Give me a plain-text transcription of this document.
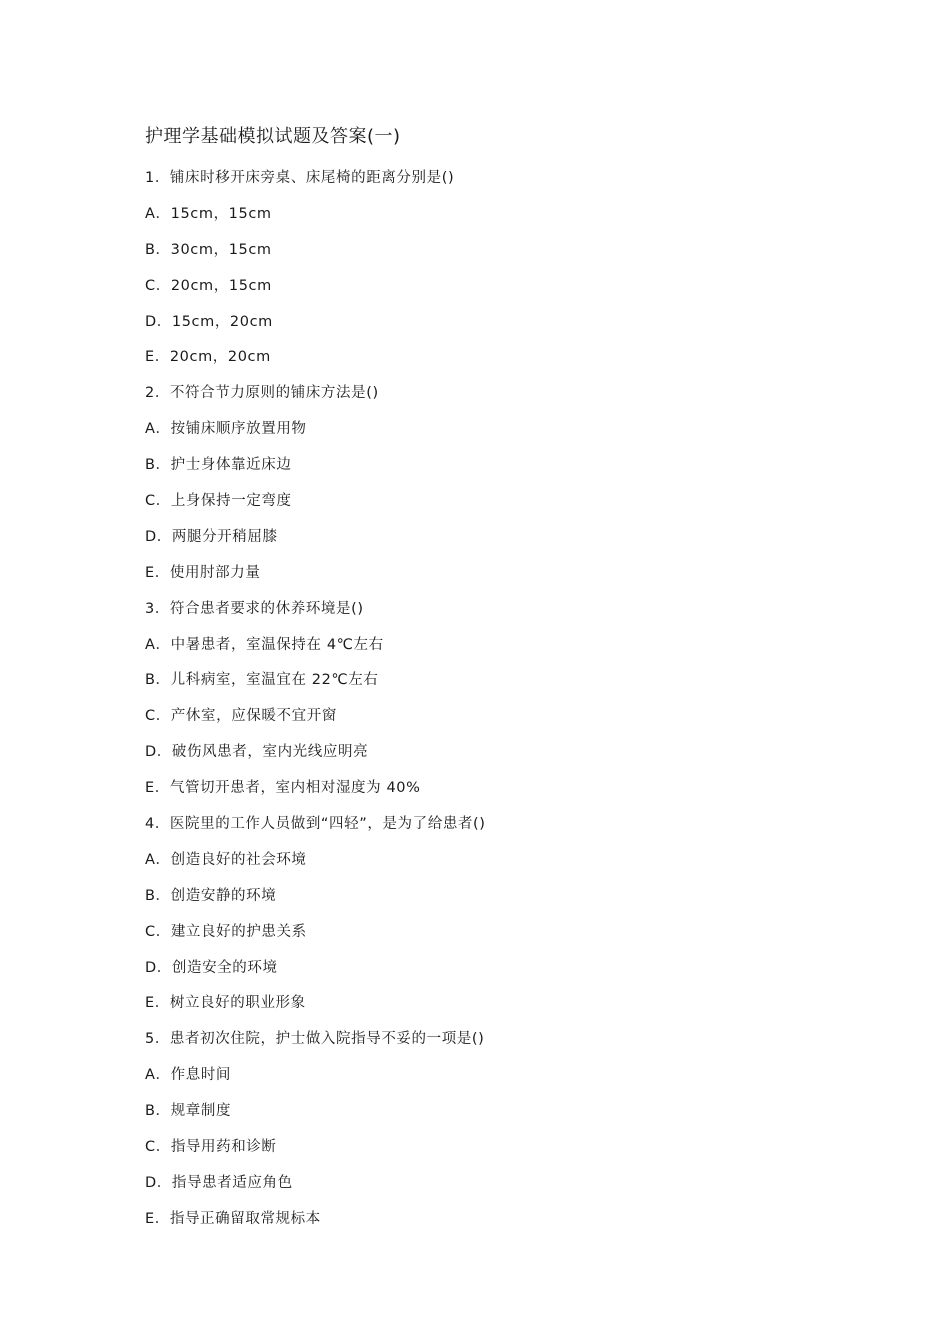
护理学基础模拟试题及答案(一)
1．铺床时移开床旁桌、床尾椅的距离分别是()
A．15cm，15cm
B．30cm，15cm
C．20cm，15cm
D．15cm，20cm
E．20cm，20cm
2．不符合节力原则的铺床方法是()
A．按铺床顺序放置用物
B．护士身体靠近床边
C．上身保持一定弯度
D．两腿分开稍屈膝
E．使用肘部力量
3．符合患者要求的休养环境是()
A．中暑患者，室温保持在 4℃左右
B．儿科病室，室温宜在 22℃左右
C．产休室，应保暖不宜开窗
D．破伤风患者，室内光线应明亮
E．气管切开患者，室内相对湿度为 40%
4．医院里的工作人员做到“四轻”，是为了给患者()
A．创造良好的社会环境
B．创造安静的环境
C．建立良好的护患关系
D．创造安全的环境
E．树立良好的职业形象
5．患者初次住院，护士做入院指导不妥的一项是()
A．作息时间
B．规章制度
C．指导用药和诊断
D．指导患者适应角色
E．指导正确留取常规标本
